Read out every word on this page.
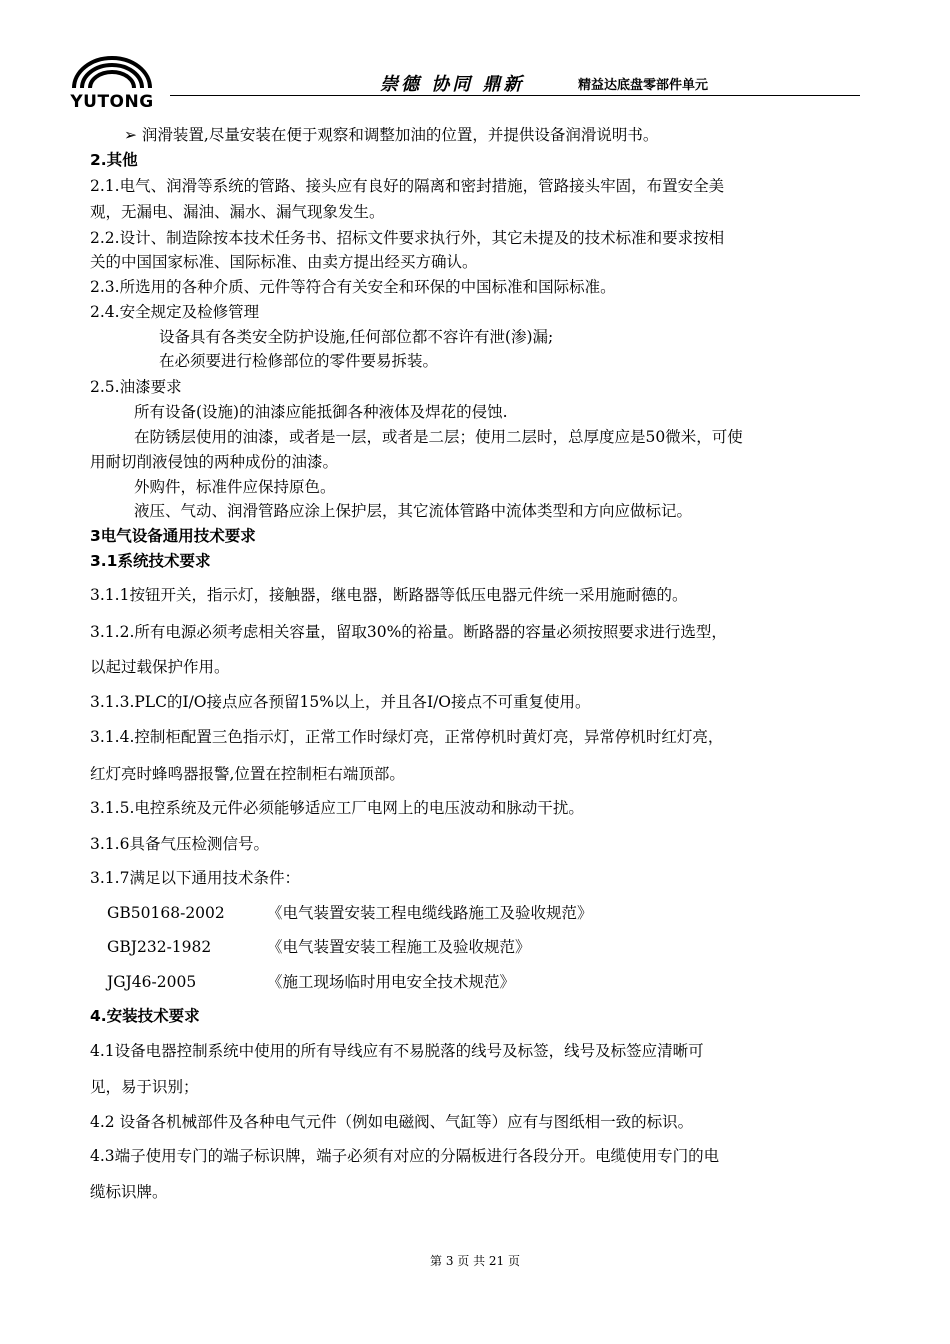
YUTONG
崇德 协同 鼎新	精益达底盘零部件单元
➢ 润滑装置,尽量安装在便于观察和调整加油的位置，并提供设备润滑说明书。
2.其他
2.1.电气、润滑等系统的管路、接头应有良好的隔离和密封措施，管路接头牢固，布置安全美
观，无漏电、漏油、漏水、漏气现象发生。
2.2.设计、制造除按本技术任务书、招标文件要求执行外，其它未提及的技术标准和要求按相
关的中国国家标准、国际标准、由卖方提出经买方确认。
2.3.所选用的各种介质、元件等符合有关安全和环保的中国标准和国际标准。
2.4.安全规定及检修管理
设备具有各类安全防护设施,任何部位都不容许有泄(渗)漏;
在必须要进行检修部位的零件要易拆装。
2.5.油漆要求
所有设备(设施)的油漆应能抵御各种液体及焊花的侵蚀.
在防锈层使用的油漆，或者是一层，或者是二层；使用二层时，总厚度应是50微米，可使
用耐切削液侵蚀的两种成份的油漆。
外购件，标准件应保持原色。
液压、气动、润滑管路应涂上保护层，其它流体管路中流体类型和方向应做标记。
3电气设备通用技术要求
3.1系统技术要求
3.1.1按钮开关，指示灯，接触器，继电器，断路器等低压电器元件统一采用施耐德的。
3.1.2.所有电源必须考虑相关容量，留取30%的裕量。断路器的容量必须按照要求进行选型，
以起过载保护作用。
3.1.3.PLC的I/O接点应各预留15%以上，并且各I/O接点不可重复使用。
3.1.4.控制柜配置三色指示灯，正常工作时绿灯亮，正常停机时黄灯亮，异常停机时红灯亮，
红灯亮时蜂鸣器报警,位置在控制柜右端顶部。
3.1.5.电控系统及元件必须能够适应工厂电网上的电压波动和脉动干扰。
3.1.6具备气压检测信号。
3.1.7满足以下通用技术条件：
GB50168-2002	《电气装置安装工程电缆线路施工及验收规范》
GBJ232-1982	《电气装置安装工程施工及验收规范》
JGJ46-2005	《施工现场临时用电安全技术规范》
4.安装技术要求
4.1设备电器控制系统中使用的所有导线应有不易脱落的线号及标签，线号及标签应清晰可
见，易于识别；
4.2 设备各机械部件及各种电气元件（例如电磁阀、气缸等）应有与图纸相一致的标识。
4.3端子使用专门的端子标识牌，端子必须有对应的分隔板进行各段分开。电缆使用专门的电
缆标识牌。
第 3 页 共 21 页
